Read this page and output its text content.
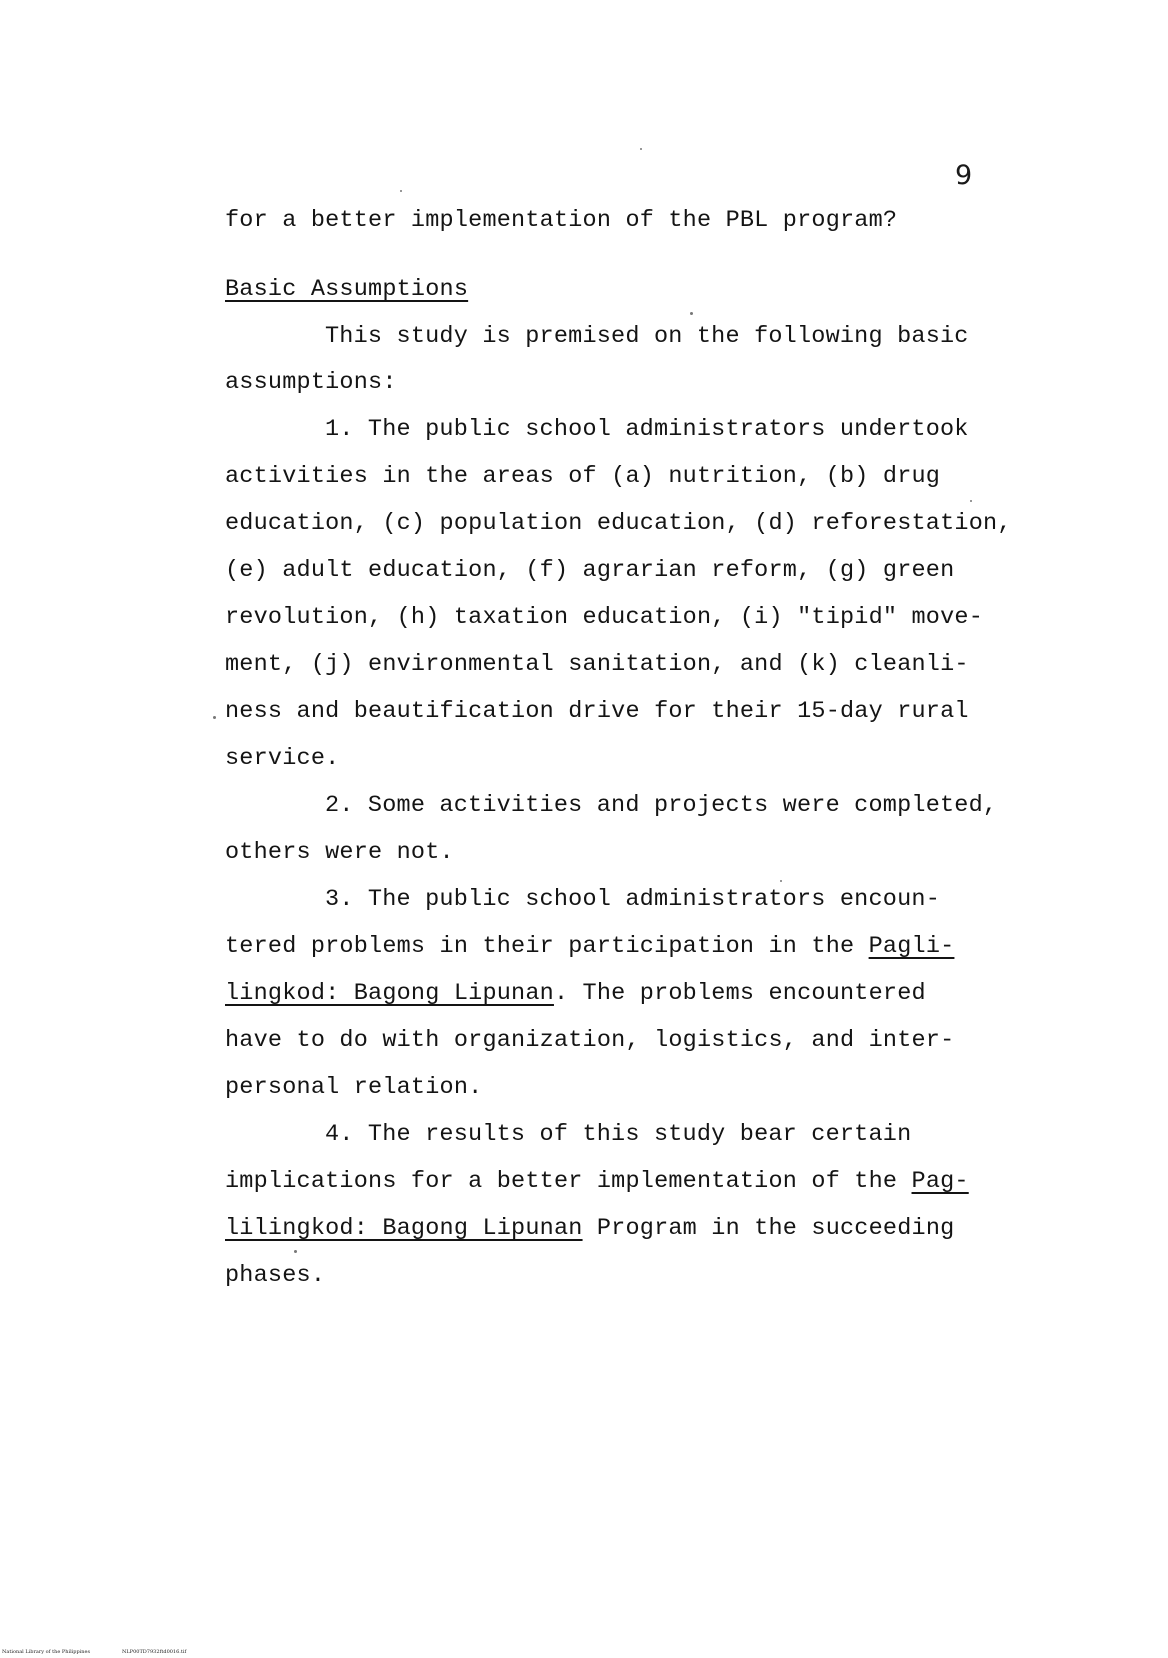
9
for a better implementation of the PBL program?
Basic Assumptions
This study is premised on the following basic
assumptions:
1. The public school administrators undertook
activities in the areas of (a) nutrition, (b) drug
education, (c) population education, (d) reforestation,
(e) adult education, (f) agrarian reform, (g) green
revolution, (h) taxation education, (i) "tipid" move-
ment, (j) environmental sanitation, and (k) cleanli-
ness and beautification drive for their 15-day rural
service.
2. Some activities and projects were completed,
others were not.
3. The public school administrators encoun-
tered problems in their participation in the Pagli-
lingkod: Bagong Lipunan. The problems encountered
have to do with organization, logistics, and inter-
personal relation.
4. The results of this study bear certain
implications for a better implementation of the Pag-
lilingkod: Bagong Lipunan Program in the succeeding
phases.
National Library of the Philippines	NLP00TD7932ftd0016.tif
